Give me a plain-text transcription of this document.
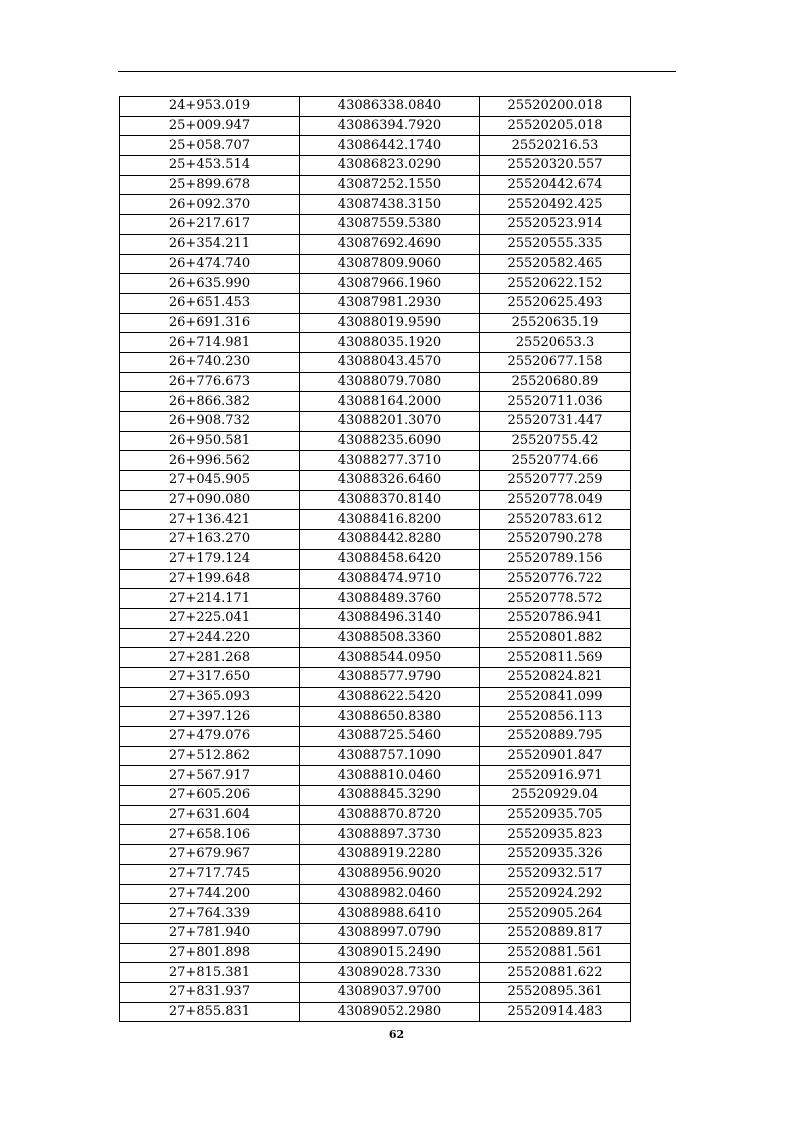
24+953.019	43086338.0840	25520200.018
25+009.947	43086394.7920	25520205.018
25+058.707	43086442.1740	25520216.53
25+453.514	43086823.0290	25520320.557
25+899.678	43087252.1550	25520442.674
26+092.370	43087438.3150	25520492.425
26+217.617	43087559.5380	25520523.914
26+354.211	43087692.4690	25520555.335
26+474.740	43087809.9060	25520582.465
26+635.990	43087966.1960	25520622.152
26+651.453	43087981.2930	25520625.493
26+691.316	43088019.9590	25520635.19
26+714.981	43088035.1920	25520653.3
26+740.230	43088043.4570	25520677.158
26+776.673	43088079.7080	25520680.89
26+866.382	43088164.2000	25520711.036
26+908.732	43088201.3070	25520731.447
26+950.581	43088235.6090	25520755.42
26+996.562	43088277.3710	25520774.66
27+045.905	43088326.6460	25520777.259
27+090.080	43088370.8140	25520778.049
27+136.421	43088416.8200	25520783.612
27+163.270	43088442.8280	25520790.278
27+179.124	43088458.6420	25520789.156
27+199.648	43088474.9710	25520776.722
27+214.171	43088489.3760	25520778.572
27+225.041	43088496.3140	25520786.941
27+244.220	43088508.3360	25520801.882
27+281.268	43088544.0950	25520811.569
27+317.650	43088577.9790	25520824.821
27+365.093	43088622.5420	25520841.099
27+397.126	43088650.8380	25520856.113
27+479.076	43088725.5460	25520889.795
27+512.862	43088757.1090	25520901.847
27+567.917	43088810.0460	25520916.971
27+605.206	43088845.3290	25520929.04
27+631.604	43088870.8720	25520935.705
27+658.106	43088897.3730	25520935.823
27+679.967	43088919.2280	25520935.326
27+717.745	43088956.9020	25520932.517
27+744.200	43088982.0460	25520924.292
27+764.339	43088988.6410	25520905.264
27+781.940	43088997.0790	25520889.817
27+801.898	43089015.2490	25520881.561
27+815.381	43089028.7330	25520881.622
27+831.937	43089037.9700	25520895.361
27+855.831	43089052.2980	25520914.483
62
